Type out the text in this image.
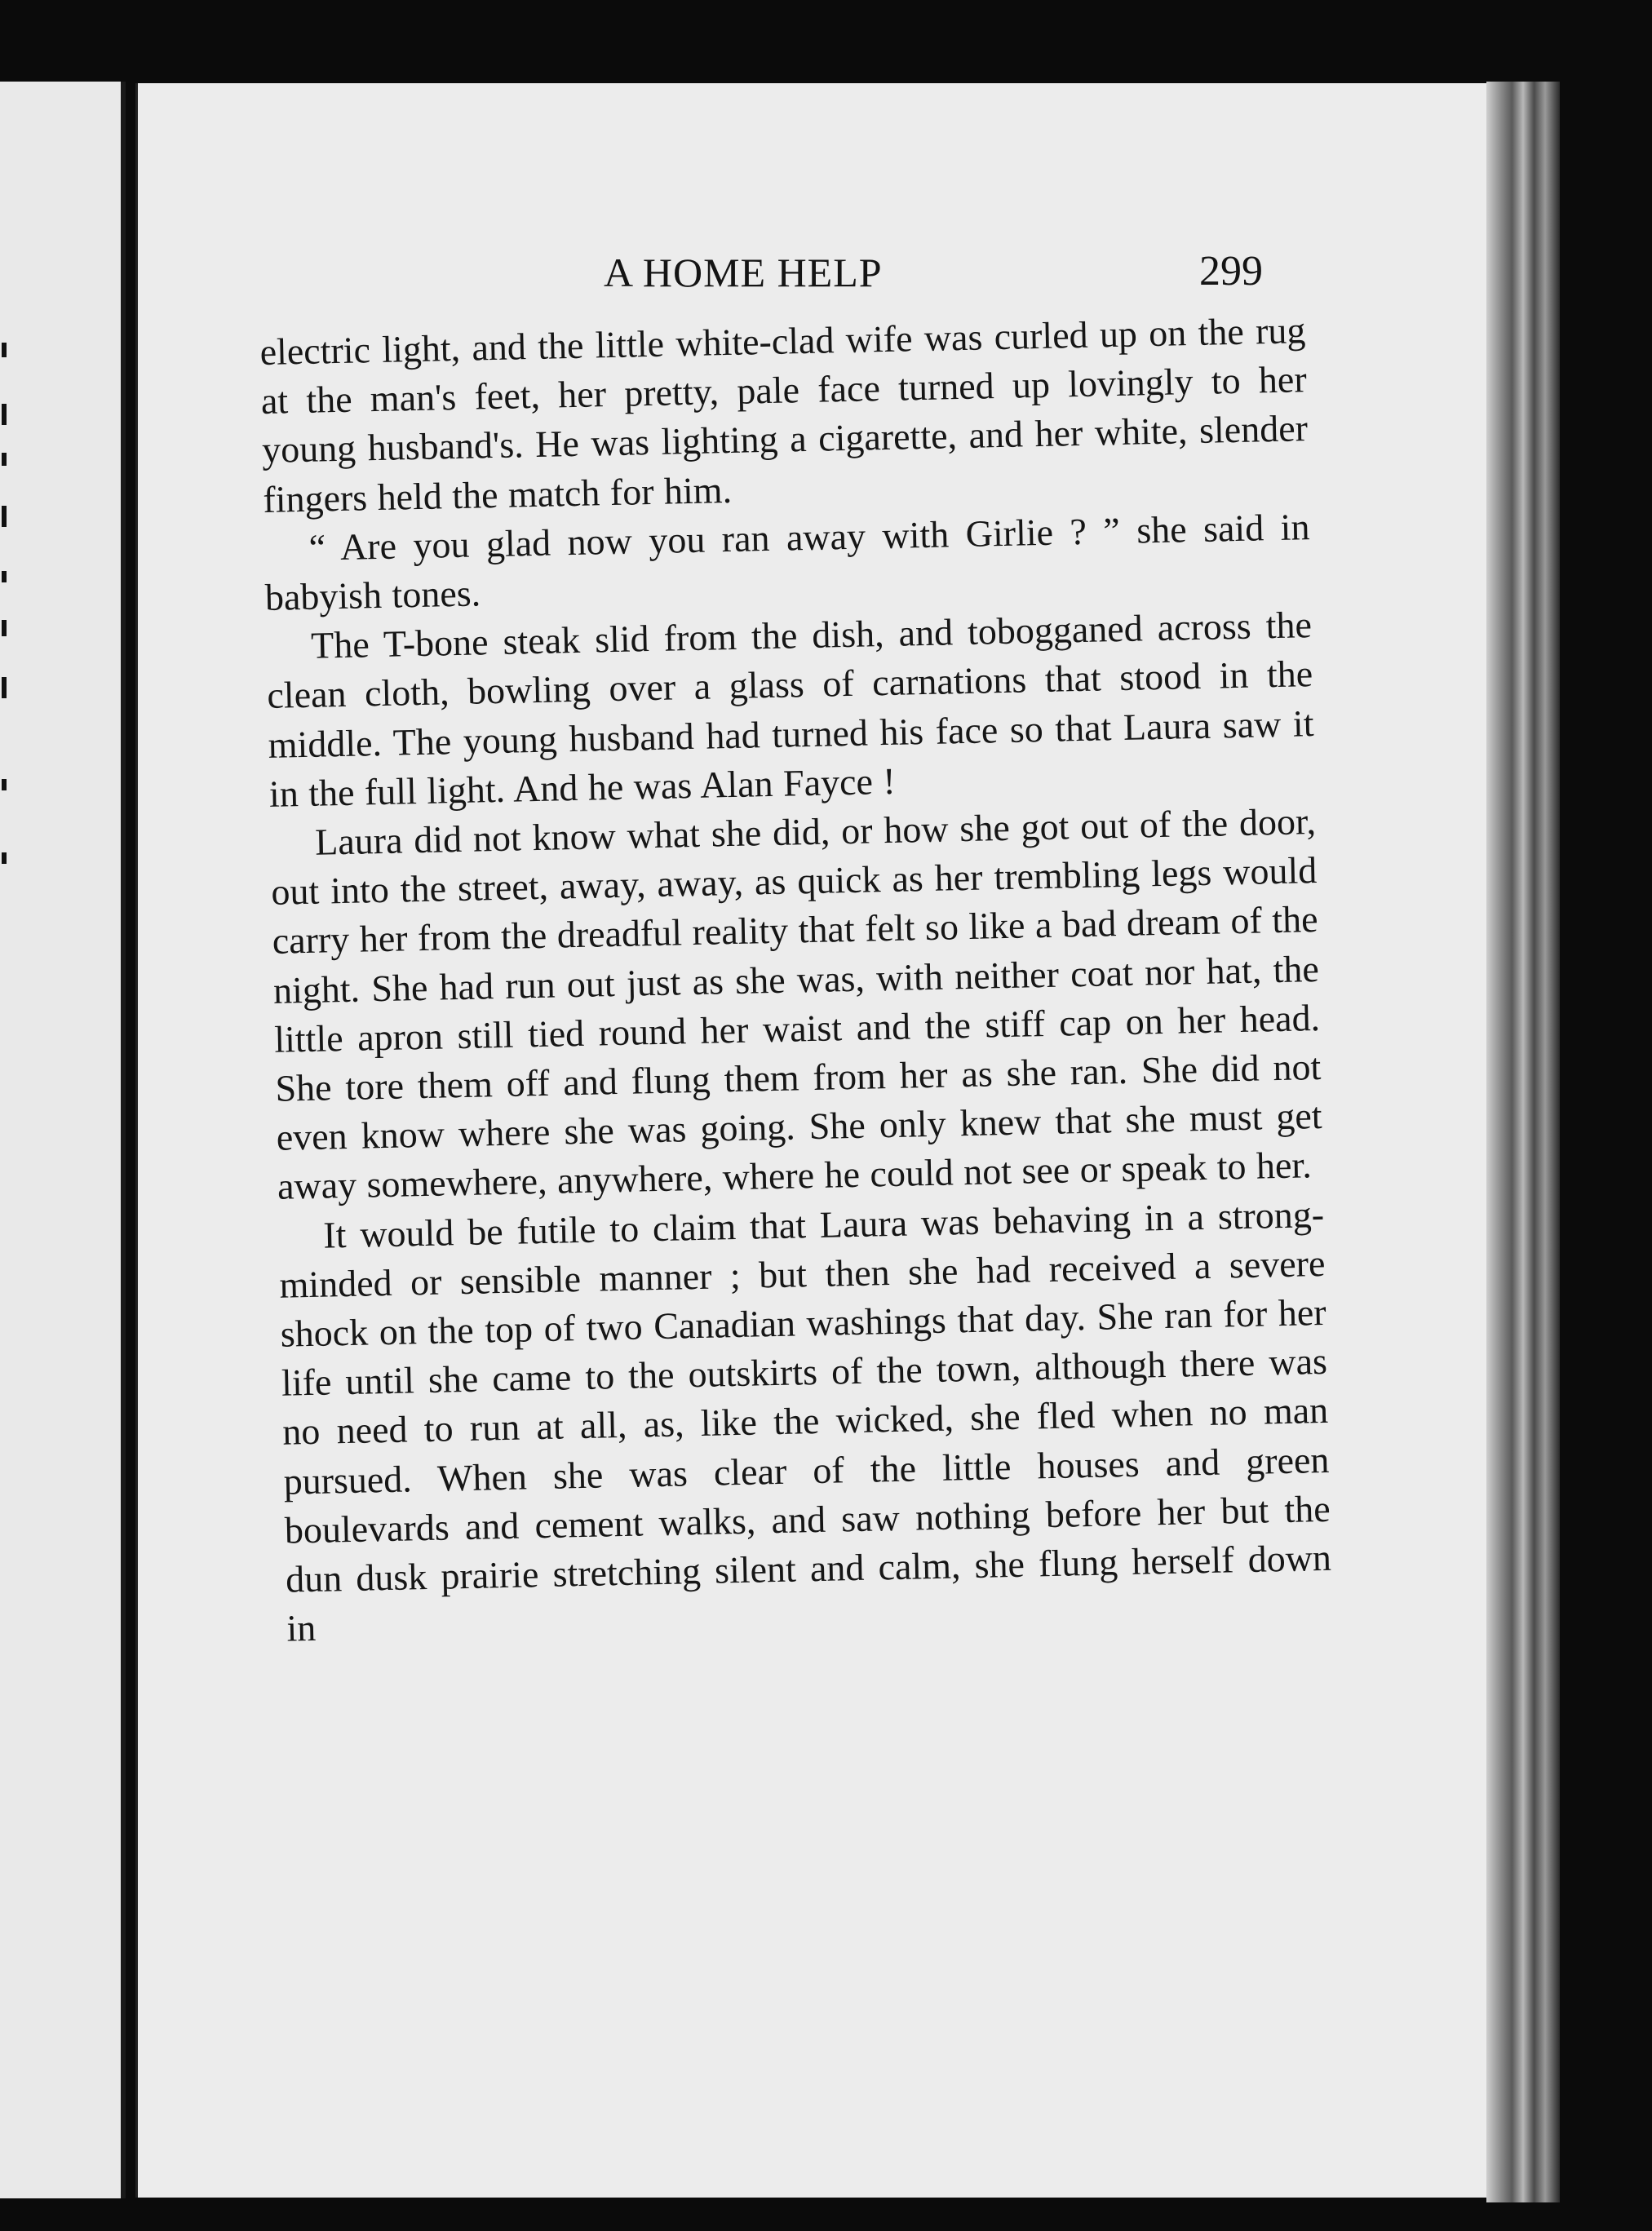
A HOME HELP	299

electric light, and the little white-clad wife was curled up on the rug at the man's feet, her pretty, pale face turned up lovingly to her young husband's. He was lighting a cigarette, and her white, slender fingers held the match for him.

“ Are you glad now you ran away with Girlie ? ” she said in babyish tones.

The T-bone steak slid from the dish, and tobogganed across the clean cloth, bowling over a glass of carnations that stood in the middle. The young husband had turned his face so that Laura saw it in the full light. And he was Alan Fayce !

Laura did not know what she did, or how she got out of the door, out into the street, away, away, as quick as her trembling legs would carry her from the dreadful reality that felt so like a bad dream of the night. She had run out just as she was, with neither coat nor hat, the little apron still tied round her waist and the stiff cap on her head. She tore them off and flung them from her as she ran. She did not even know where she was going. She only knew that she must get away somewhere, anywhere, where he could not see or speak to her.

It would be futile to claim that Laura was behaving in a strong-minded or sensible manner ; but then she had received a severe shock on the top of two Canadian washings that day. She ran for her life until she came to the outskirts of the town, although there was no need to run at all, as, like the wicked, she fled when no man pursued. When she was clear of the little houses and green boulevards and cement walks, and saw nothing before her but the dun dusk prairie stretching silent and calm, she flung herself down in
